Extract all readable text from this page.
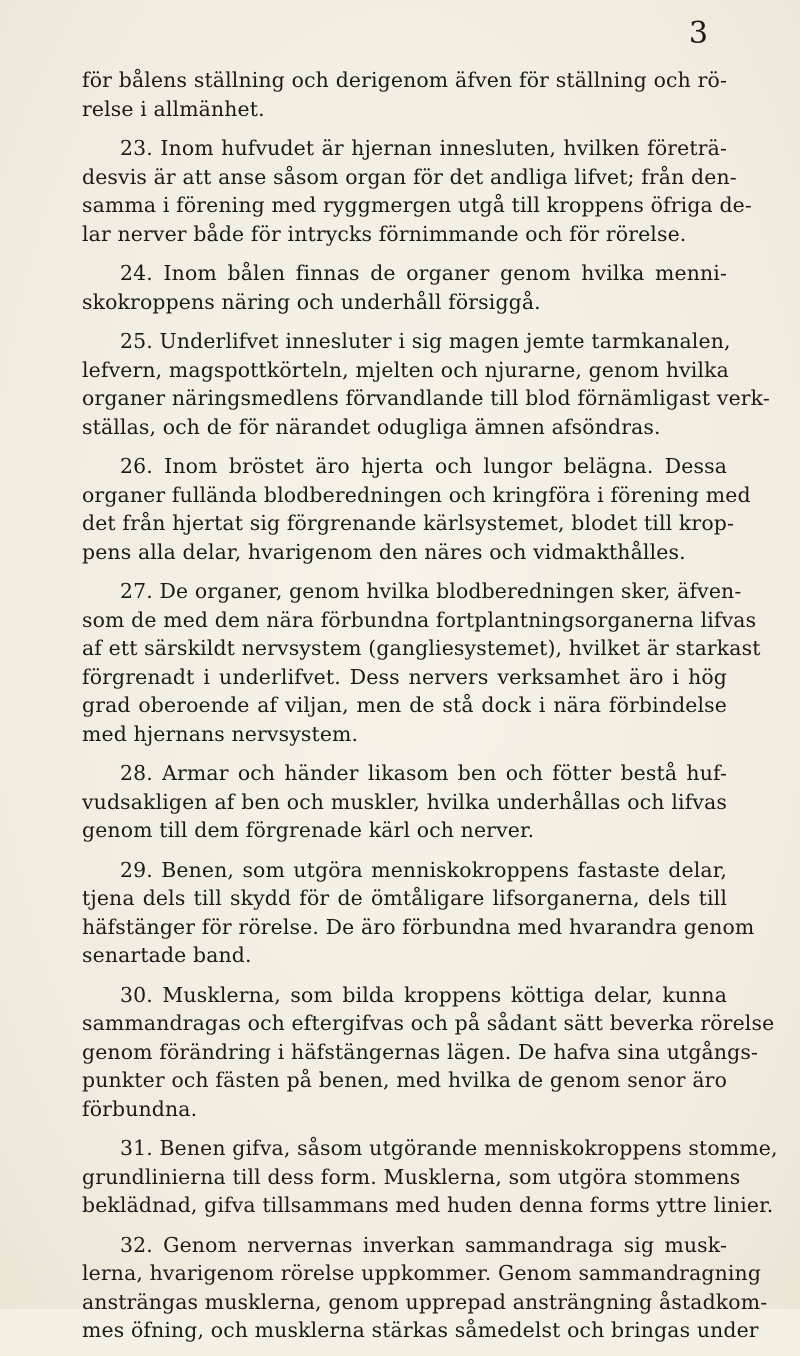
3
för bålens ställning och derigenom äfven för ställning och rö-
relse i allmänhet.
23. Inom hufvudet är hjernan innesluten, hvilken företrä-
desvis är att anse såsom organ för det andliga lifvet; från den-
samma i förening med ryggmergen utgå till kroppens öfriga de-
lar nerver både för intrycks förnimmande och för rörelse.
24. Inom bålen finnas de organer genom hvilka menni-
skokroppens näring och underhåll försiggå.
25. Underlifvet innesluter i sig magen jemte tarmkanalen,
lefvern, magspottkörteln, mjelten och njurarne, genom hvilka
organer näringsmedlens förvandlande till blod förnämligast verk-
ställas, och de för närandet odugliga ämnen afsöndras.
26. Inom bröstet äro hjerta och lungor belägna. Dessa
organer fullända blodberedningen och kringföra i förening med
det från hjertat sig förgrenande kärlsystemet, blodet till krop-
pens alla delar, hvarigenom den näres och vidmakthålles.
27. De organer, genom hvilka blodberedningen sker, äfven-
som de med dem nära förbundna fortplantningsorganerna lifvas
af ett särskildt nervsystem (gangliesystemet), hvilket är starkast
förgrenadt i underlifvet. Dess nervers verksamhet äro i hög
grad oberoende af viljan, men de stå dock i nära förbindelse
med hjernans nervsystem.
28. Armar och händer likasom ben och fötter bestå huf-
vudsakligen af ben och muskler, hvilka underhållas och lifvas
genom till dem förgrenade kärl och nerver.
29. Benen, som utgöra menniskokroppens fastaste delar,
tjena dels till skydd för de ömtåligare lifsorganerna, dels till
häfstänger för rörelse. De äro förbundna med hvarandra genom
senartade band.
30. Musklerna, som bilda kroppens köttiga delar, kunna
sammandragas och eftergifvas och på sådant sätt beverka rörelse
genom förändring i häfstängernas lägen. De hafva sina utgångs-
punkter och fästen på benen, med hvilka de genom senor äro
förbundna.
31. Benen gifva, såsom utgörande menniskokroppens stomme,
grundlinierna till dess form. Musklerna, som utgöra stommens
beklädnad, gifva tillsammans med huden denna forms yttre linier.
32. Genom nervernas inverkan sammandraga sig musk-
lerna, hvarigenom rörelse uppkommer. Genom sammandragning
ansträngas musklerna, genom upprepad ansträngning åstadkom-
mes öfning, och musklerna stärkas såmedelst och bringas under
